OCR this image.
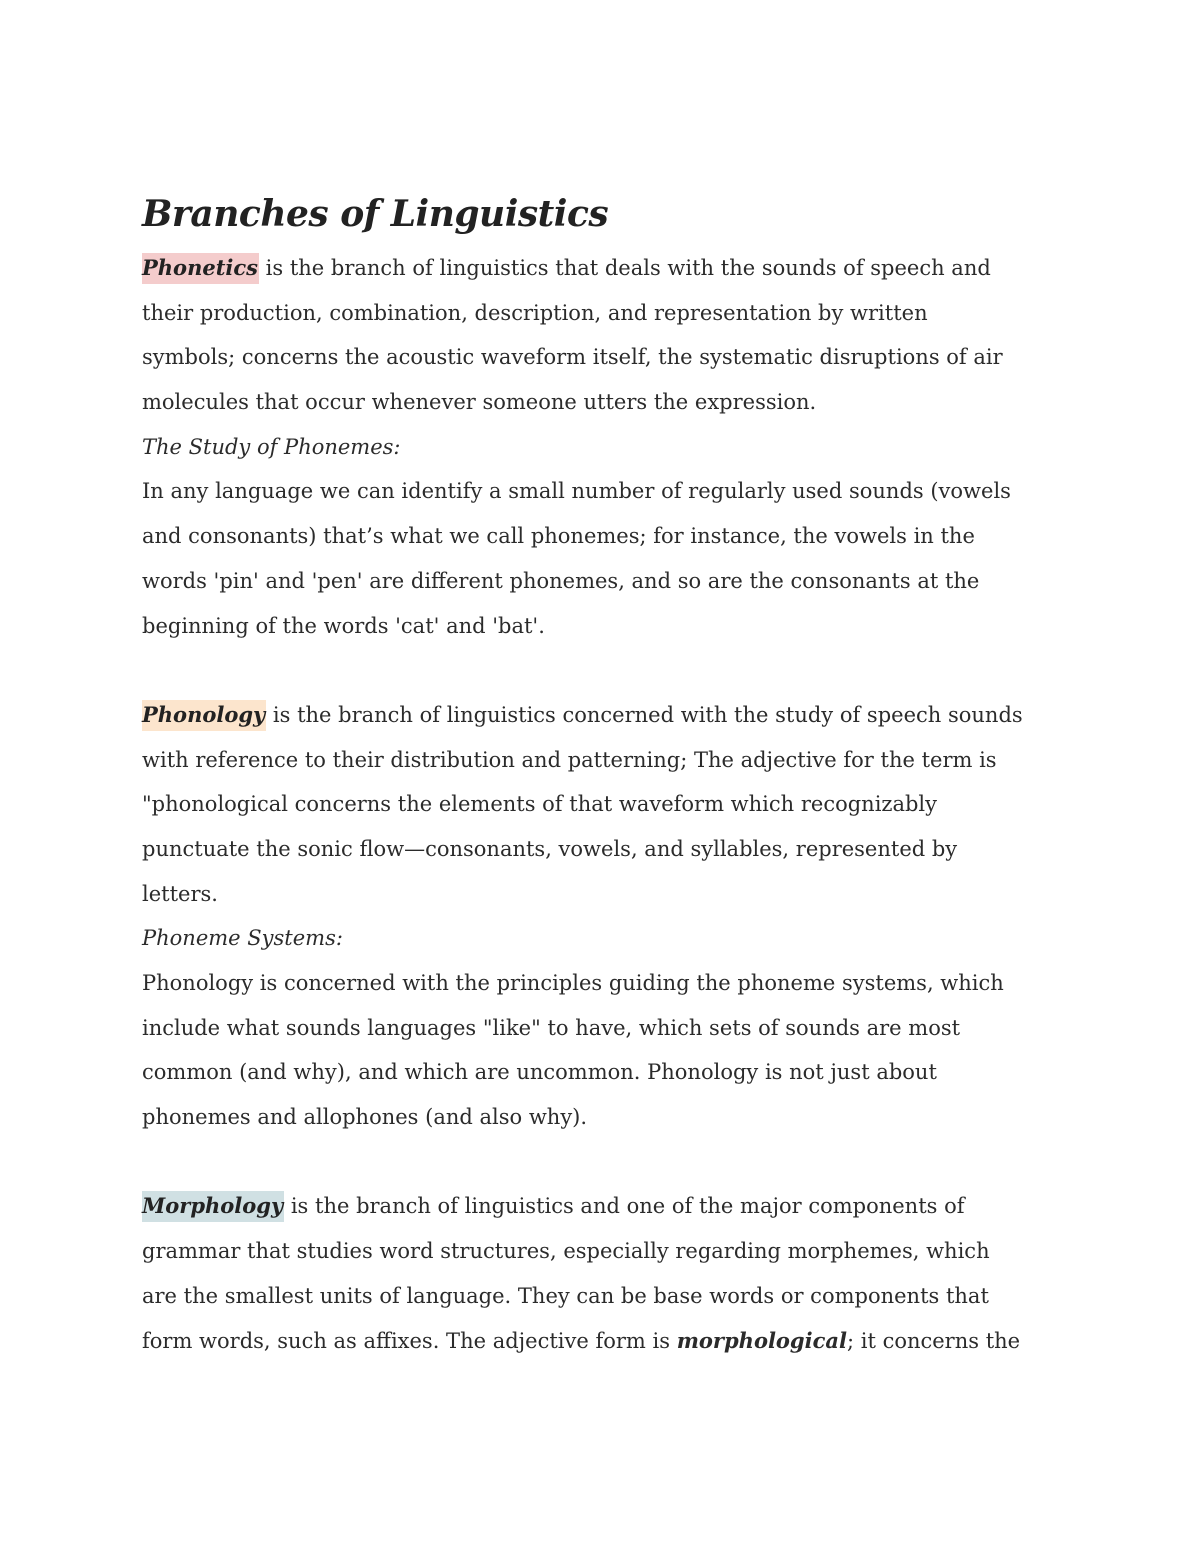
Branches of Linguistics
Phonetics is the branch of linguistics that deals with the sounds of speech and
their production, combination, description, and representation by written
symbols; concerns the acoustic waveform itself, the systematic disruptions of air
molecules that occur whenever someone utters the expression.
The Study of Phonemes:
In any language we can identify a small number of regularly used sounds (vowels
and consonants) that’s what we call phonemes; for instance, the vowels in the
words 'pin' and 'pen' are different phonemes, and so are the consonants at the
beginning of the words 'cat' and 'bat'.
Phonology is the branch of linguistics concerned with the study of speech sounds
with reference to their distribution and patterning; The adjective for the term is
"phonological concerns the elements of that waveform which recognizably
punctuate the sonic flow—consonants, vowels, and syllables, represented by
letters.
Phoneme Systems:
Phonology is concerned with the principles guiding the phoneme systems, which
include what sounds languages "like" to have, which sets of sounds are most
common (and why), and which are uncommon. Phonology is not just about
phonemes and allophones (and also why).
Morphology is the branch of linguistics and one of the major components of
grammar that studies word structures, especially regarding morphemes, which
are the smallest units of language. They can be base words or components that
form words, such as affixes. The adjective form is morphological; it concerns the
